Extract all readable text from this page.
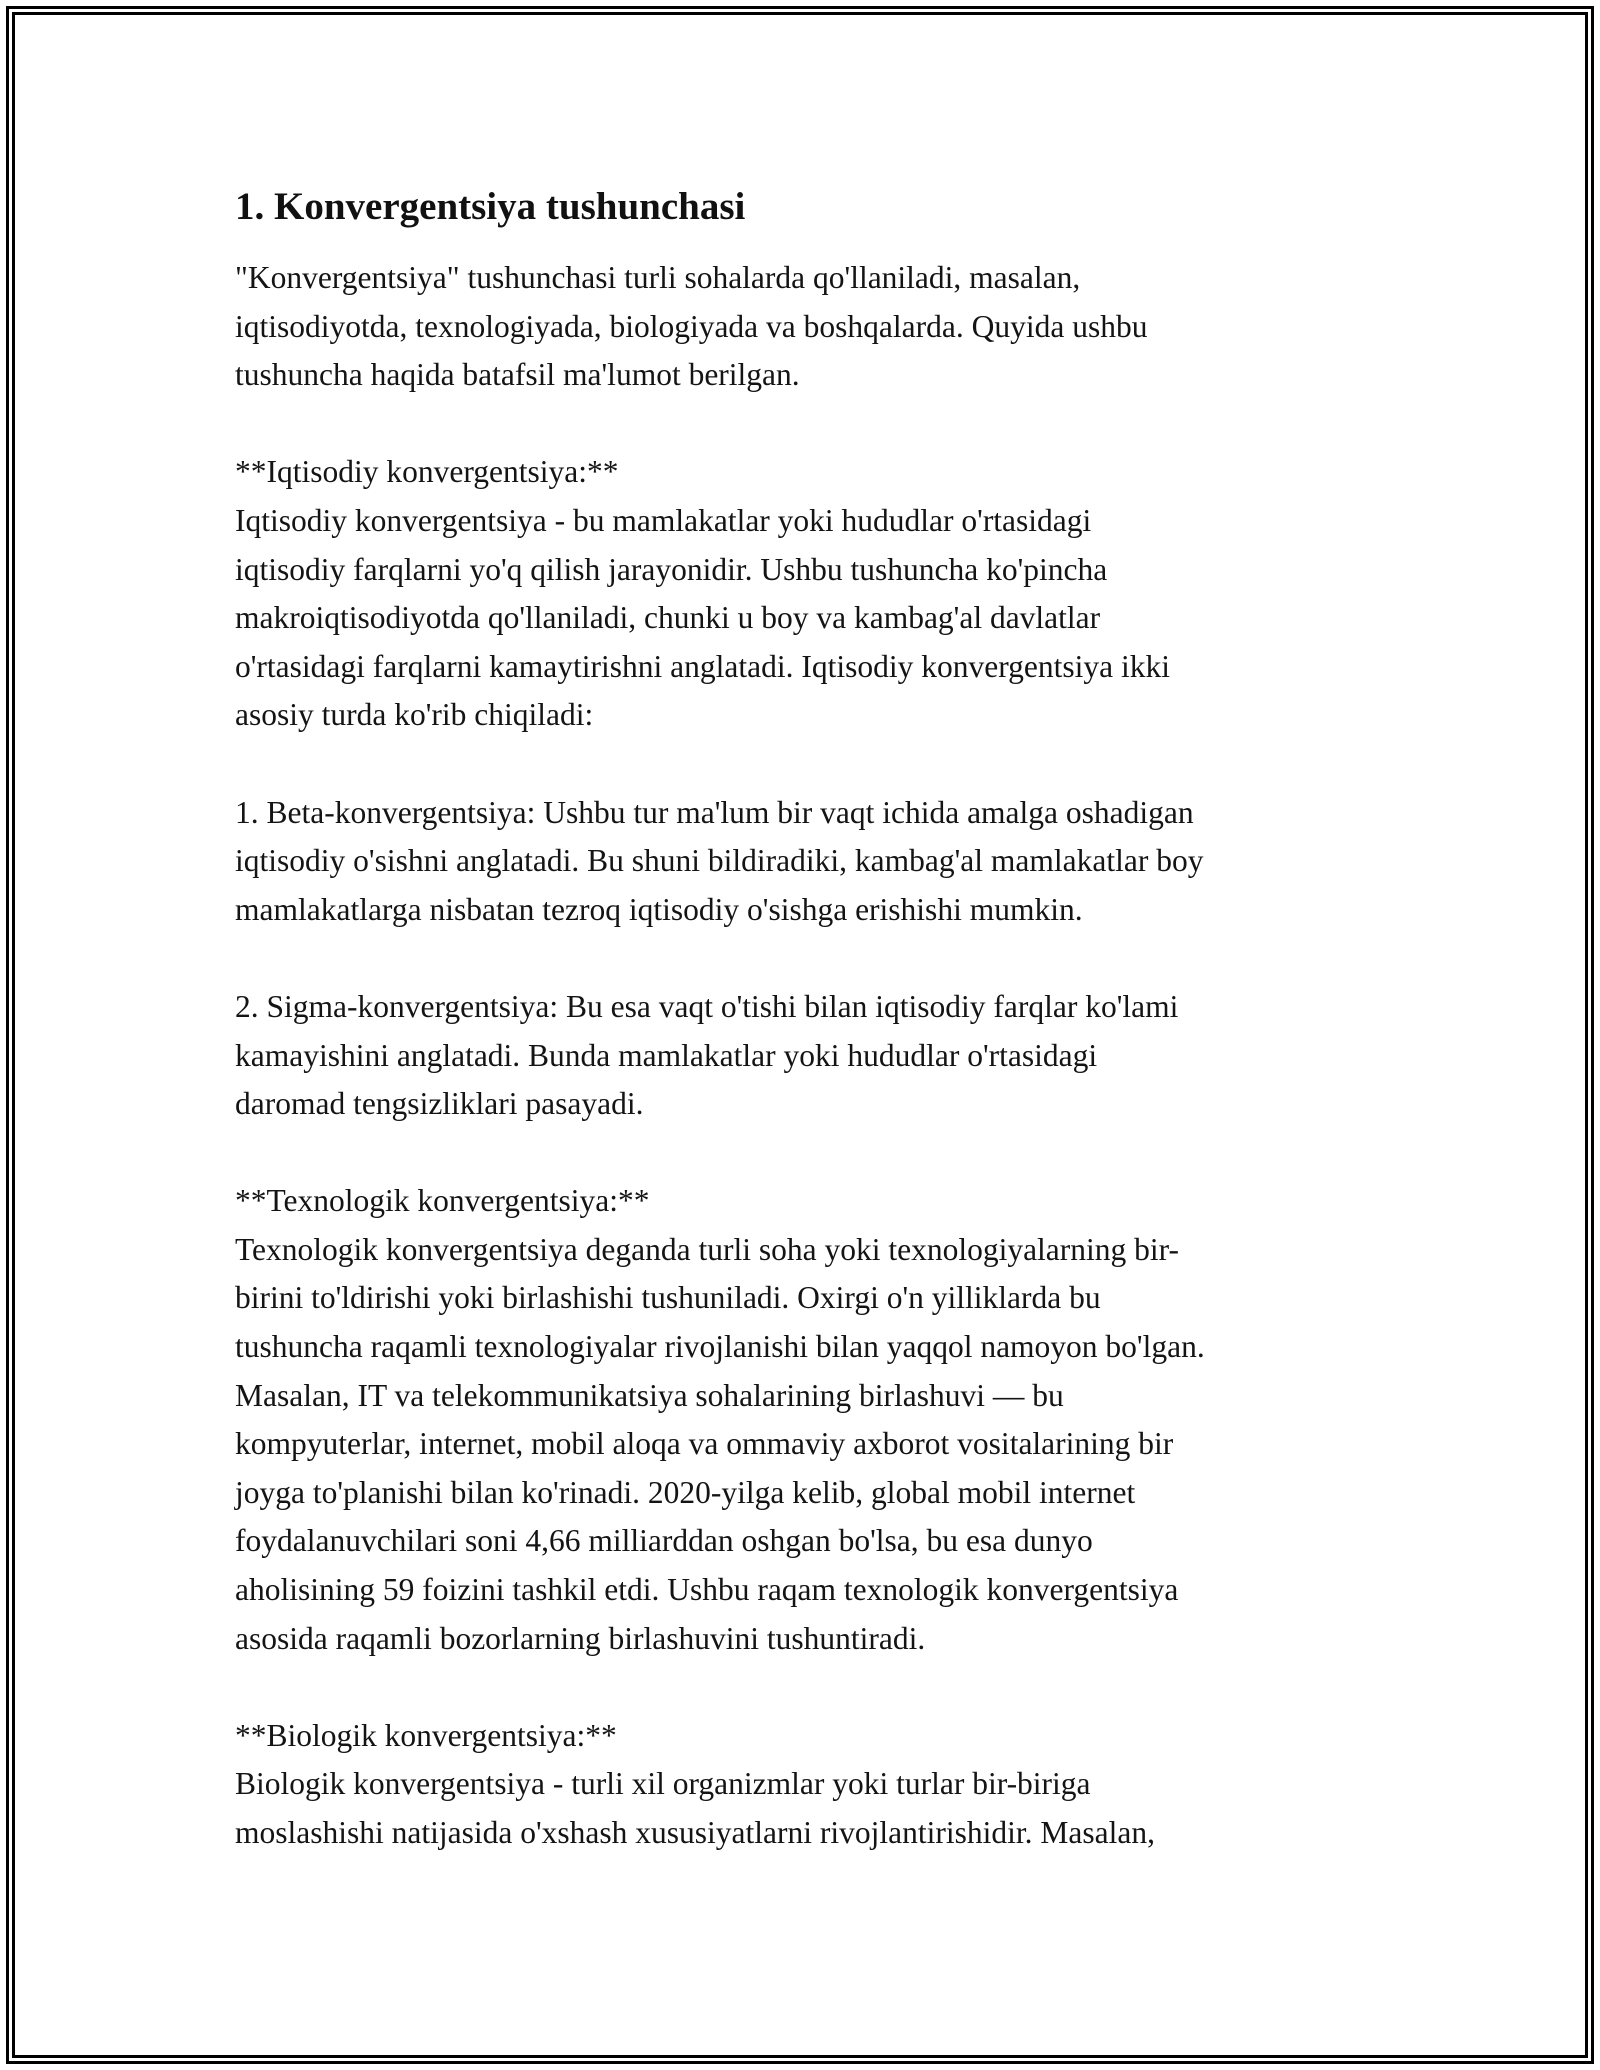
1. Konvergentsiya tushunchasi

"Konvergentsiya" tushunchasi turli sohalarda qo'llaniladi, masalan,
iqtisodiyotda, texnologiyada, biologiyada va boshqalarda. Quyida ushbu
tushuncha haqida batafsil ma'lumot berilgan.

**Iqtisodiy konvergentsiya:**
Iqtisodiy konvergentsiya - bu mamlakatlar yoki hududlar o'rtasidagi
iqtisodiy farqlarni yo'q qilish jarayonidir. Ushbu tushuncha ko'pincha
makroiqtisodiyotda qo'llaniladi, chunki u boy va kambag'al davlatlar
o'rtasidagi farqlarni kamaytirishni anglatadi. Iqtisodiy konvergentsiya ikki
asosiy turda ko'rib chiqiladi:

1. Beta-konvergentsiya: Ushbu tur ma'lum bir vaqt ichida amalga oshadigan
iqtisodiy o'sishni anglatadi. Bu shuni bildiradiki, kambag'al mamlakatlar boy
mamlakatlarga nisbatan tezroq iqtisodiy o'sishga erishishi mumkin.

2. Sigma-konvergentsiya: Bu esa vaqt o'tishi bilan iqtisodiy farqlar ko'lami
kamayishini anglatadi. Bunda mamlakatlar yoki hududlar o'rtasidagi
daromad tengsizliklari pasayadi.

**Texnologik konvergentsiya:**
Texnologik konvergentsiya deganda turli soha yoki texnologiyalarning bir-
birini to'ldirishi yoki birlashishi tushuniladi. Oxirgi o'n yilliklarda bu
tushuncha raqamli texnologiyalar rivojlanishi bilan yaqqol namoyon bo'lgan.
Masalan, IT va telekommunikatsiya sohalarining birlashuvi — bu
kompyuterlar, internet, mobil aloqa va ommaviy axborot vositalarining bir
joyga to'planishi bilan ko'rinadi. 2020-yilga kelib, global mobil internet
foydalanuvchilari soni 4,66 milliarddan oshgan bo'lsa, bu esa dunyo
aholisining 59 foizini tashkil etdi. Ushbu raqam texnologik konvergentsiya
asosida raqamli bozorlarning birlashuvini tushuntiradi.

**Biologik konvergentsiya:**
Biologik konvergentsiya - turli xil organizmlar yoki turlar bir-biriga
moslashishi natijasida o'xshash xususiyatlarni rivojlantirishidir. Masalan,
